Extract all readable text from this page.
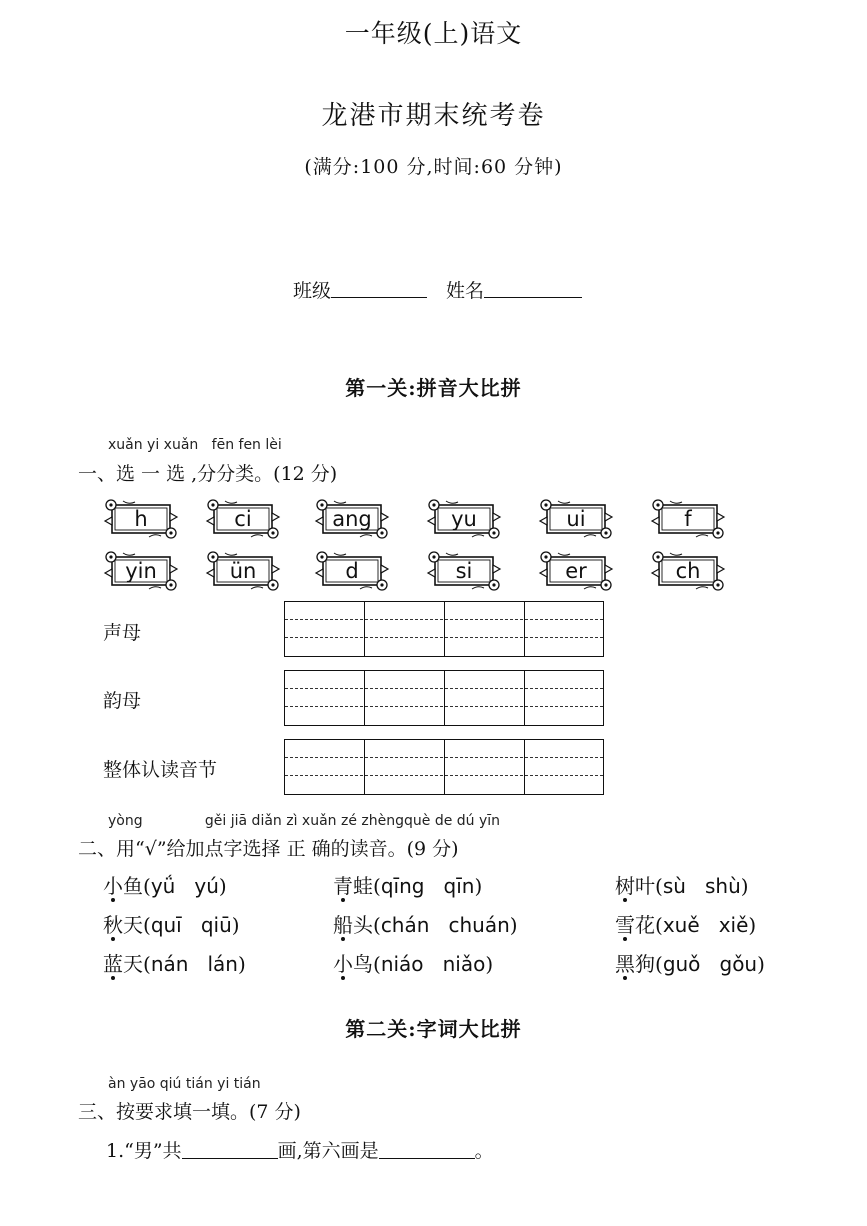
一年级(上)语文
龙港市期末统考卷
(满分:100 分,时间:60 分钟)
班级	姓名
第一关:拼音大比拼
xuǎn yi xuǎn   fēn fen lèi
一、选 一 选 ,分分类。(12 分)
h	ci	ang	yu	ui	f
yin	ün	d	si	er	ch
声母
韵母
整体认读音节
yòng              gěi jiā diǎn zì xuǎn zé zhèngquè de dú yīn
二、用“√”给加点字选择 正 确的读音。(9 分)
小鱼(yǘ   yú)	青蛙(qīng   qīn)	树叶(sù   shù)
秋天(quī   qiū)	船头(chán   chuán)	雪花(xuě   xiě)
蓝天(nán   lán)	小鸟(niáo   niǎo)	黑狗(guǒ   gǒu)
第二关:字词大比拼
àn yāo qiú tián yi tián
三、按要求填一填。(7 分)
1.“男”共	画,第六画是	。
